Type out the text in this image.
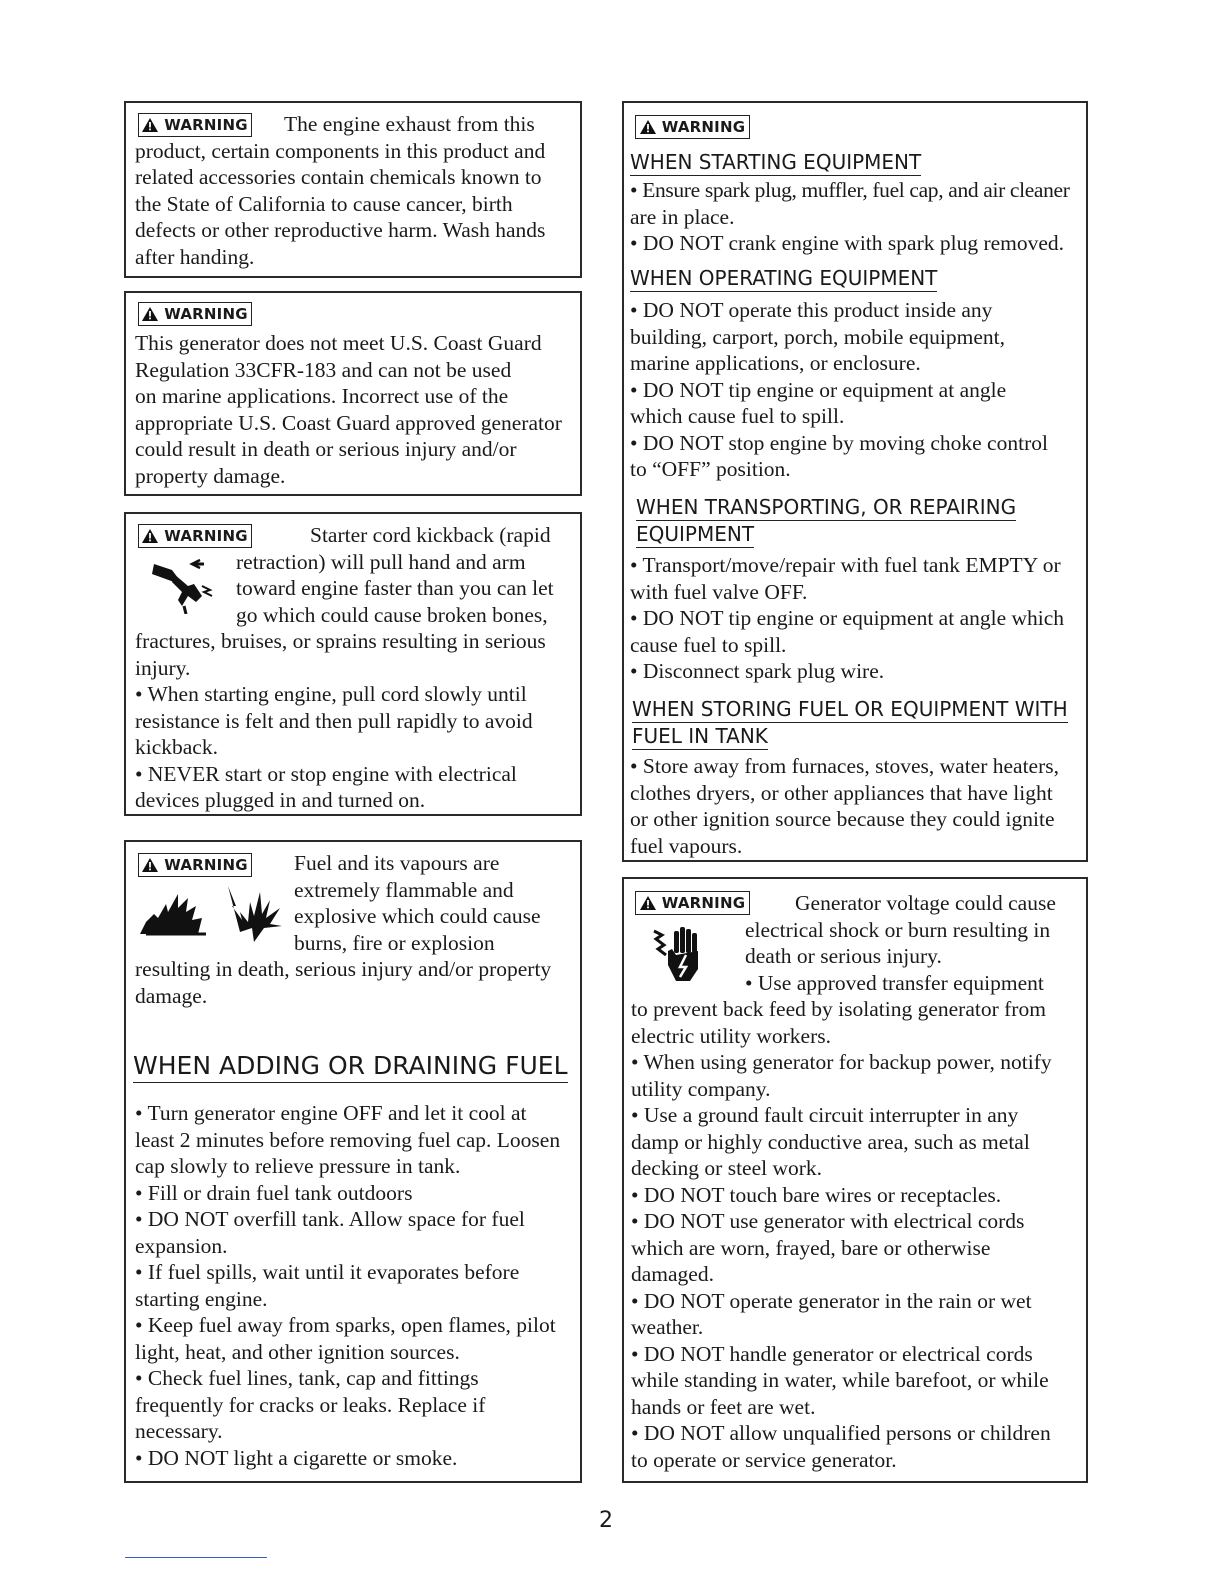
WARNING The engine exhaust from this
product, certain components in this product and
related accessories contain chemicals known to
the State of California to cause cancer, birth
defects or other reproductive harm. Wash hands
after handing.
WARNING
This generator does not meet U.S. Coast Guard
Regulation 33CFR-183 and can not be used
on marine applications. Incorrect use of the
appropriate U.S. Coast Guard approved generator
could result in death or serious injury and/or
property damage.
WARNING	Starter cord kickback (rapid
retraction) will pull hand and arm
toward engine faster than you can let
go which could cause broken bones,
fractures, bruises, or sprains resulting in serious
injury.
• When starting engine, pull cord slowly until
resistance is felt and then pull rapidly to avoid
kickback.
• NEVER start or stop engine with electrical
devices plugged in and turned on.
WARNING Fuel and its vapours are
extremely flammable and
explosive which could cause
burns, fire or explosion
resulting in death, serious injury and/or property
damage.
WHEN ADDING OR DRAINING FUEL
• Turn generator engine OFF and let it cool at
least 2 minutes before removing fuel cap. Loosen
cap slowly to relieve pressure in tank.
• Fill or drain fuel tank outdoors
• DO NOT overfill tank. Allow space for fuel
expansion.
• If fuel spills, wait until it evaporates before
starting engine.
• Keep fuel away from sparks, open flames, pilot
light, heat, and other ignition sources.
• Check fuel lines, tank, cap and fittings
frequently for cracks or leaks. Replace if
necessary.
• DO NOT light a cigarette or smoke.
WARNING
WHEN STARTING EQUIPMENT
• Ensure spark plug, muffler, fuel cap, and air cleaner
are in place.
• DO NOT crank engine with spark plug removed.
WHEN OPERATING EQUIPMENT
• DO NOT operate this product inside any
building, carport, porch, mobile equipment,
marine applications, or enclosure.
• DO NOT tip engine or equipment at angle
which cause fuel to spill.
• DO NOT stop engine by moving choke control
to “OFF” position.
WHEN TRANSPORTING, OR REPAIRING
EQUIPMENT
• Transport/move/repair with fuel tank EMPTY or
with fuel valve OFF.
• DO NOT tip engine or equipment at angle which
cause fuel to spill.
• Disconnect spark plug wire.
WHEN STORING FUEL OR EQUIPMENT WITH
FUEL IN TANK
• Store away from furnaces, stoves, water heaters,
clothes dryers, or other appliances that have light
or other ignition source because they could ignite
fuel vapours.
WARNING Generator voltage could cause
electrical shock or burn resulting in
death or serious injury.
• Use approved transfer equipment
to prevent back feed by isolating generator from
electric utility workers.
• When using generator for backup power, notify
utility company.
• Use a ground fault circuit interrupter in any
damp or highly conductive area, such as metal
decking or steel work.
• DO NOT touch bare wires or receptacles.
• DO NOT use generator with electrical cords
which are worn, frayed, bare or otherwise
damaged.
• DO NOT operate generator in the rain or wet
weather.
• DO NOT handle generator or electrical cords
while standing in water, while barefoot, or while
hands or feet are wet.
• DO NOT allow unqualified persons or children
to operate or service generator.
2
